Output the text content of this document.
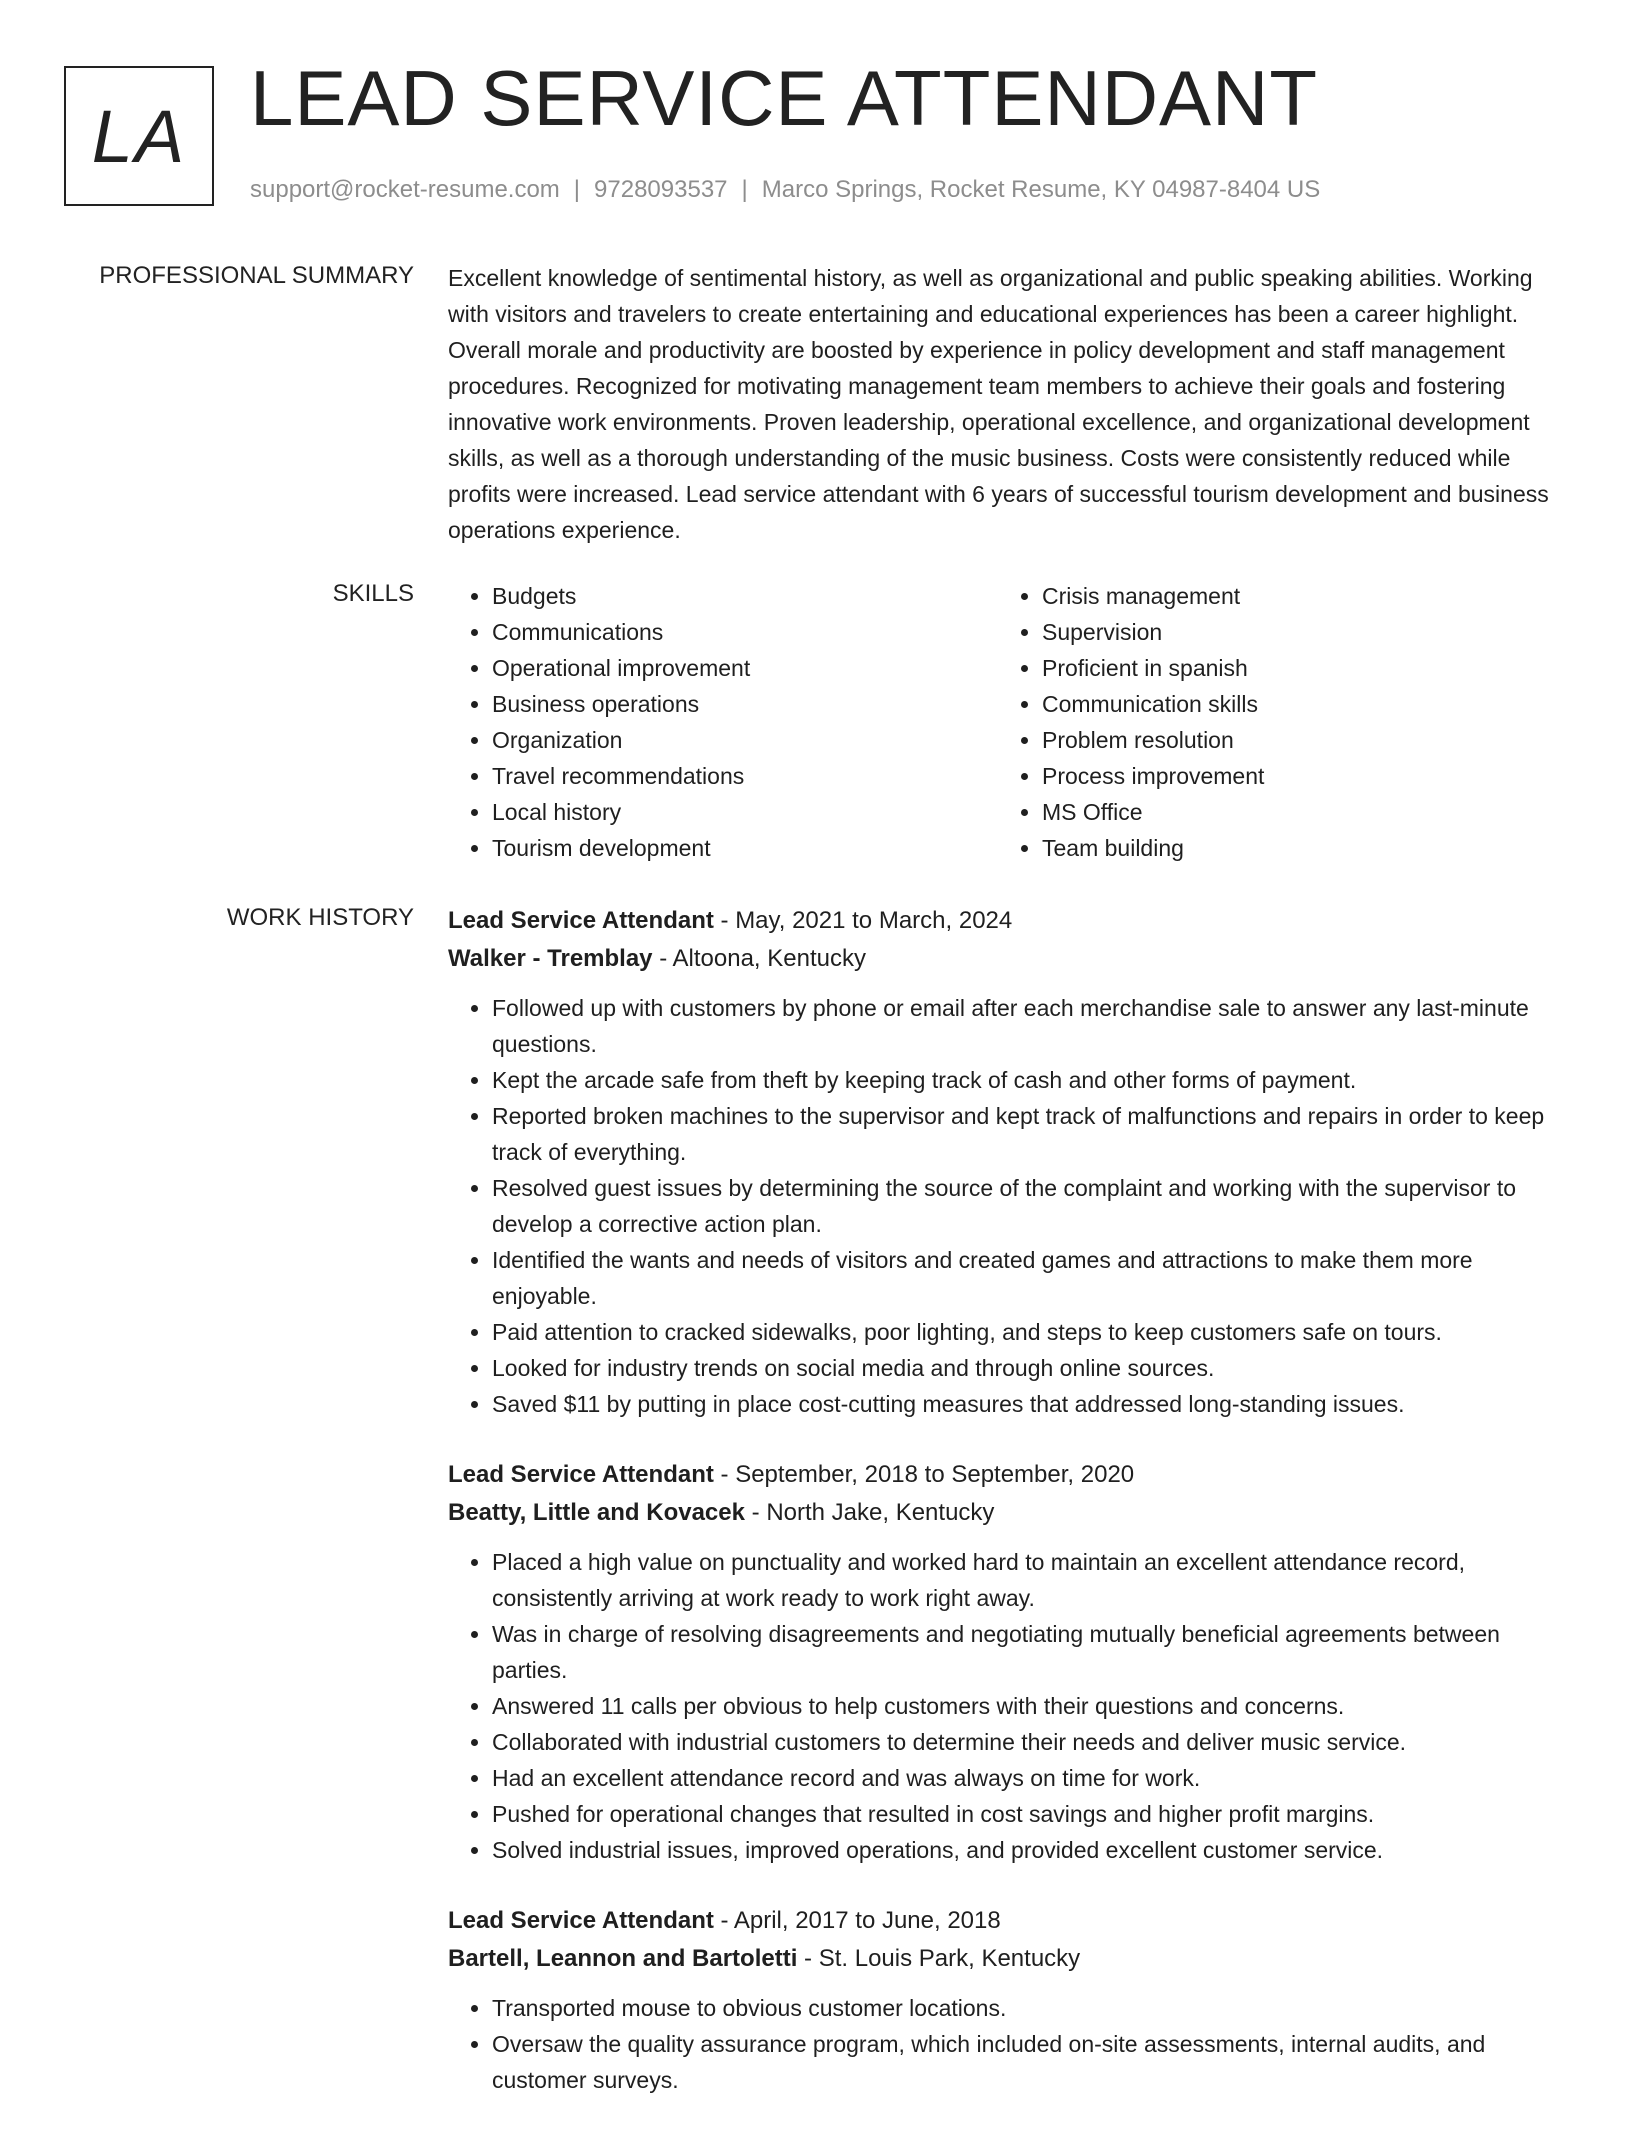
LA LEAD SERVICE ATTENDANT
support@rocket-resume.com | 9728093537 | Marco Springs, Rocket Resume, KY 04987-8404 US
PROFESSIONAL SUMMARY Excellent knowledge of sentimental history, as well as organizational and public speaking abilities. Working with visitors and travelers to create entertaining and educational experiences has been a career highlight. Overall morale and productivity are boosted by experience in policy development and staff management procedures. Recognized for motivating management team members to achieve their goals and fostering innovative work environments. Proven leadership, operational excellence, and organizational development skills, as well as a thorough understanding of the music business. Costs were consistently reduced while profits were increased. Lead service attendant with 6 years of successful tourism development and business operations experience.

SKILLS
•	Budgets
• Communications
• Operational improvement
• Business operations
• Organization
• Travel recommendations
• Local history
• Tourism development
• Crisis management
• Supervision
• Proficient in spanish
• Communication skills
• Problem resolution
• Process improvement
• MS Office
• Team building
WORK HISTORY Lead Service Attendant - May, 2021 to March, 2024
Walker - Tremblay - Altoona, Kentucky
• Followed up with customers by phone or email after each merchandise sale to answer any last-minute questions.
• Kept the arcade safe from theft by keeping track of cash and other forms of payment.
• Reported broken machines to the supervisor and kept track of malfunctions and repairs in order to keep track of everything.
• Resolved guest issues by determining the source of the complaint and working with the supervisor to develop a corrective action plan.
• Identified the wants and needs of visitors and created games and attractions to make them more enjoyable.
• Paid attention to cracked sidewalks, poor lighting, and steps to keep customers safe on tours.
• Looked for industry trends on social media and through online sources.
• Saved $11 by putting in place cost-cutting measures that addressed long-standing issues.
Lead Service Attendant - September, 2018 to September, 2020
Beatty, Little and Kovacek - North Jake, Kentucky
• Placed a high value on punctuality and worked hard to maintain an excellent attendance record, consistently arriving at work ready to work right away.
• Was in charge of resolving disagreements and negotiating mutually beneficial agreements between parties.
• Answered 11 calls per obvious to help customers with their questions and concerns.
• Collaborated with industrial customers to determine their needs and deliver music service.
• Had an excellent attendance record and was always on time for work.
• Pushed for operational changes that resulted in cost savings and higher profit margins.
• Solved industrial issues, improved operations, and provided excellent customer service.
Lead Service Attendant - April, 2017 to June, 2018
Bartell, Leannon and Bartoletti - St. Louis Park, Kentucky
• Transported mouse to obvious customer locations.
• Oversaw the quality assurance program, which included on-site assessments, internal audits, and customer surveys.
